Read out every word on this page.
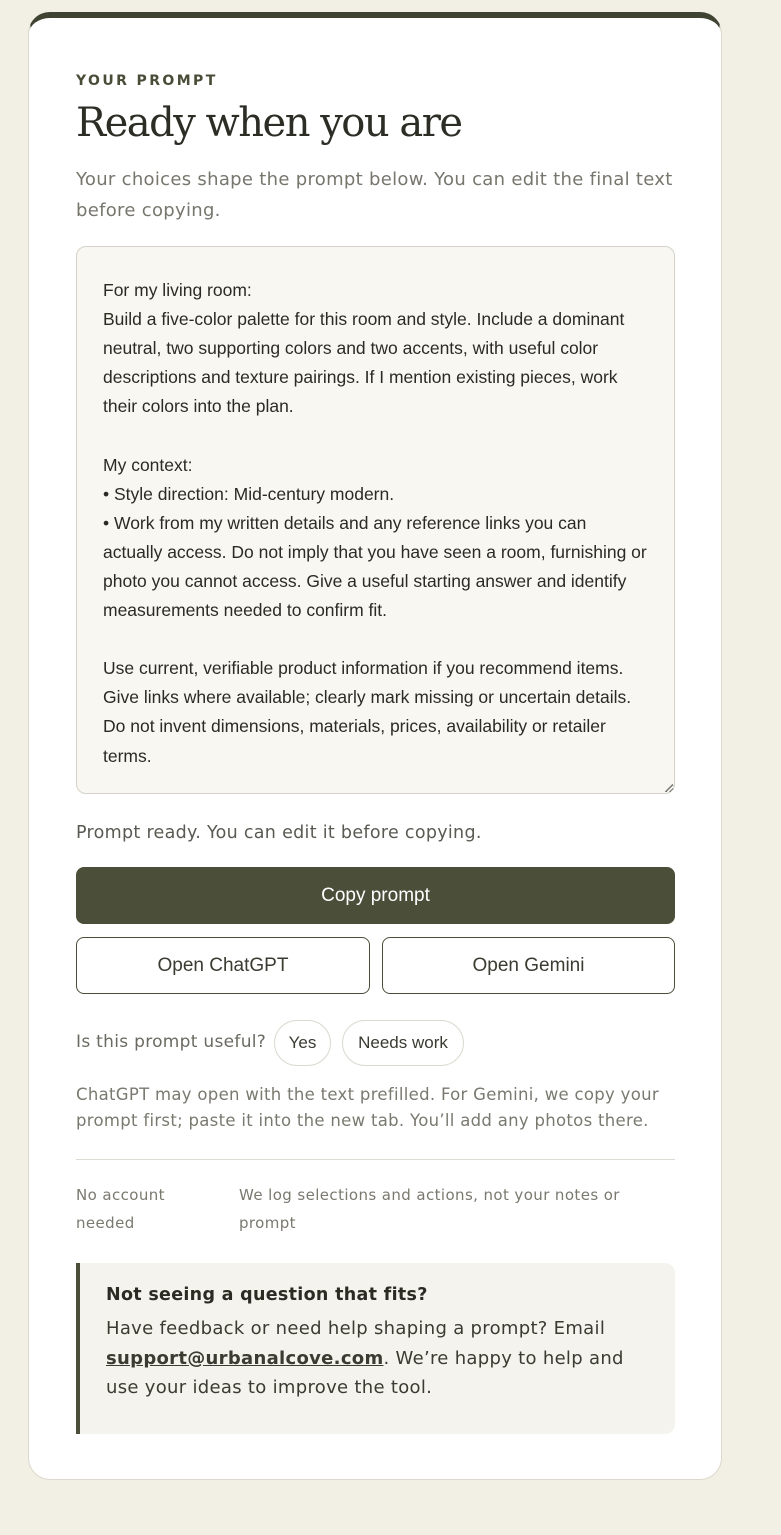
YOUR PROMPT
Ready when you are
Your choices shape the prompt below. You can edit the final text before copying.
For my living room:
Build a five-color palette for this room and style. Include a dominant neutral, two supporting colors and two accents, with useful color descriptions and texture pairings. If I mention existing pieces, work their colors into the plan.

My context:
• Style direction: Mid-century modern.
• Work from my written details and any reference links you can actually access. Do not imply that you have seen a room, furnishing or photo you cannot access. Give a useful starting answer and identify measurements needed to confirm fit.

Use current, verifiable product information if you recommend items. Give links where available; clearly mark missing or uncertain details. Do not invent dimensions, materials, prices, availability or retailer terms.
Prompt ready. You can edit it before copying.
Copy prompt
Open ChatGPT	Open Gemini
Is this prompt useful?	Yes	Needs work
ChatGPT may open with the text prefilled. For Gemini, we copy your prompt first; paste it into the new tab. You’ll add any photos there.
No account needed
We log selections and actions, not your notes or prompt
Not seeing a question that fits?
Have feedback or need help shaping a prompt? Email support@urbanalcove.com. We’re happy to help and use your ideas to improve the tool.
